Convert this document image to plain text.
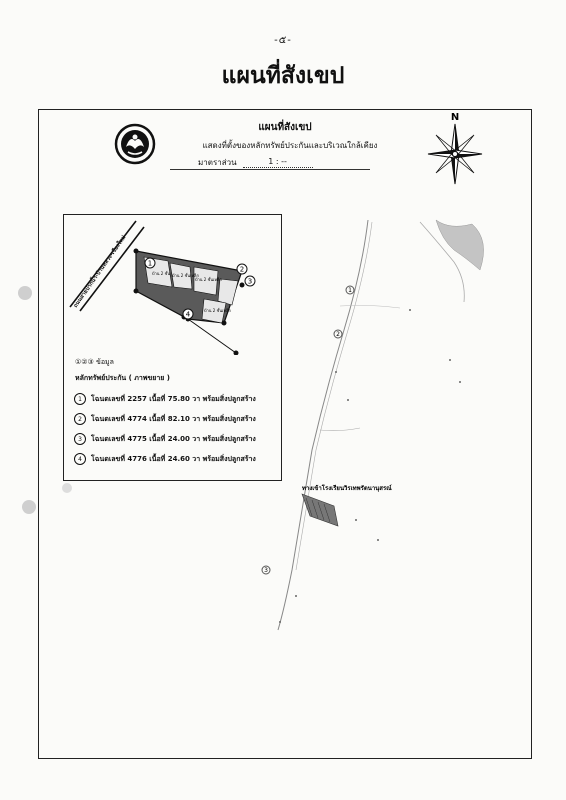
-๕-
แผนที่สังเขป
แผนที่สังเขป
แสดงที่ตั้งของหลักทรัพย์ประกันและบริเวณใกล้เคียง
มาตราส่วน	1 : --
N
1
2
3
4
บ้าน 2 ชั้น บ้าน 2 ชั้นเหล็ก
บ้าน 2 ชั้นเหล็ก
บ้าน 2 ชั้นเหล็ก
ถนนสายปากน้ำ-บ้านหลวง-เชียงใหม่
①②③ ข้อมูล
หลักทรัพย์ประกัน ( ภาพขยาย )
1	โฉนดเลขที่ 2257 เนื้อที่ 75.80 วา พร้อมสิ่งปลูกสร้าง
2	โฉนดเลขที่ 4774 เนื้อที่ 82.10 วา พร้อมสิ่งปลูกสร้าง
3	โฉนดเลขที่ 4775 เนื้อที่ 24.00 วา พร้อมสิ่งปลูกสร้าง
4	โฉนดเลขที่ 4776 เนื้อที่ 24.60 วา พร้อมสิ่งปลูกสร้าง
1
2
3
ทางเข้าโรงเรียนวิรเทพรัตนานุสรณ์
